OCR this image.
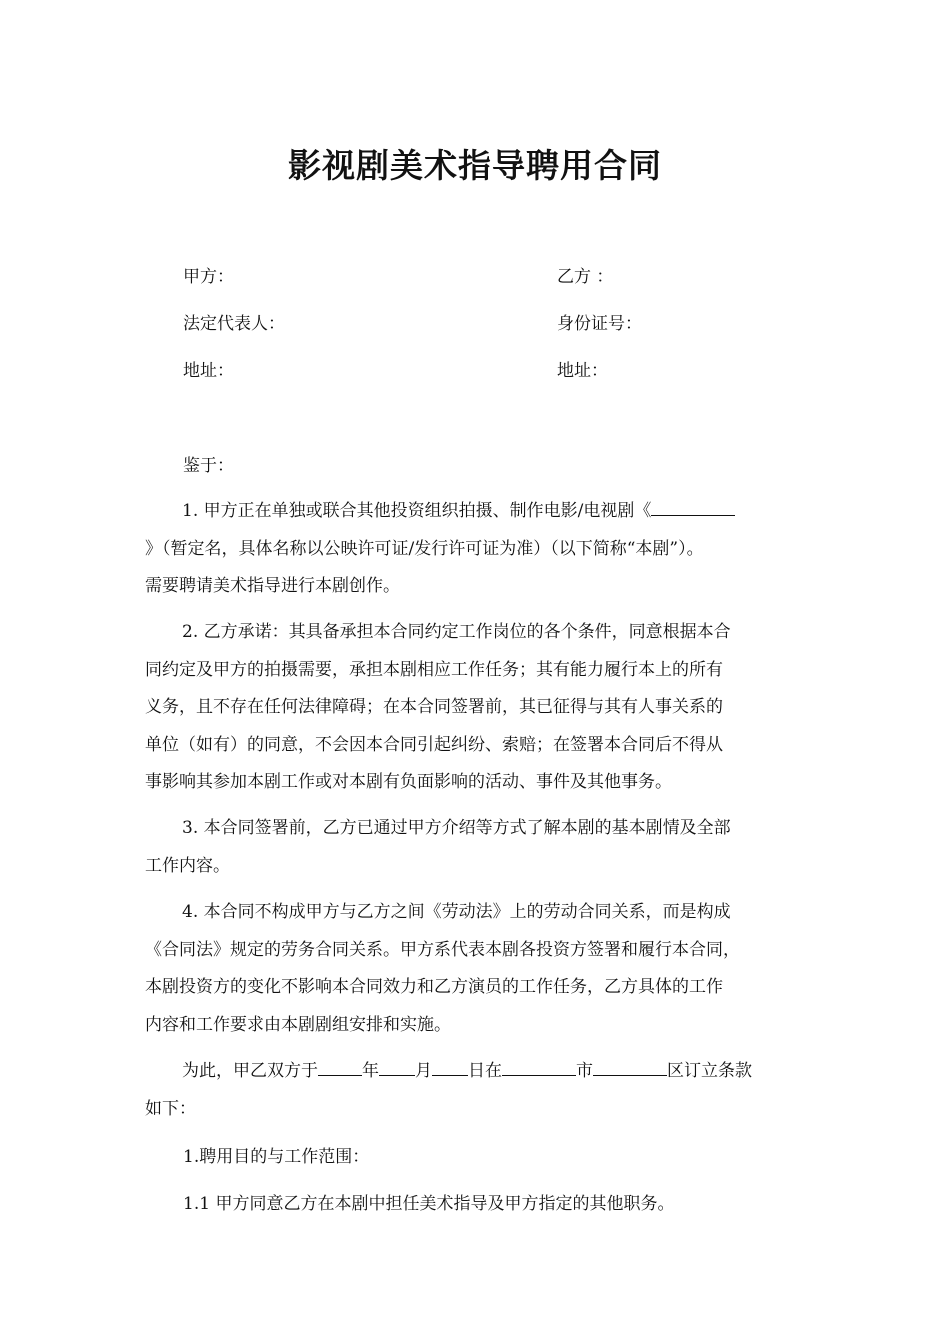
影视剧美术指导聘用合同
甲方：	乙方 ：
法定代表人：	身份证号：
地址：	地址：
鉴于：
1. 甲方正在单独或联合其他投资组织拍摄、制作电影/电视剧《
》（暂定名，具体名称以公映许可证/发行许可证为准）（以下简称“本剧”）。
需要聘请美术指导进行本剧创作。
2. 乙方承诺：其具备承担本合同约定工作岗位的各个条件，同意根据本合
同约定及甲方的拍摄需要，承担本剧相应工作任务；其有能力履行本上的所有
义务，且不存在任何法律障碍；在本合同签署前，其已征得与其有人事关系的
单位（如有）的同意，不会因本合同引起纠纷、索赔；在签署本合同后不得从
事影响其参加本剧工作或对本剧有负面影响的活动、事件及其他事务。
3. 本合同签署前，乙方已通过甲方介绍等方式了解本剧的基本剧情及全部
工作内容。
4. 本合同不构成甲方与乙方之间《劳动法》上的劳动合同关系，而是构成
《合同法》规定的劳务合同关系。甲方系代表本剧各投资方签署和履行本合同，
本剧投资方的变化不影响本合同效力和乙方演员的工作任务，乙方具体的工作
内容和工作要求由本剧剧组安排和实施。
为此，甲乙双方于	年 月 日在	市	区订立条款
如下：
1.聘用目的与工作范围：
1.1 甲方同意乙方在本剧中担任美术指导及甲方指定的其他职务。
